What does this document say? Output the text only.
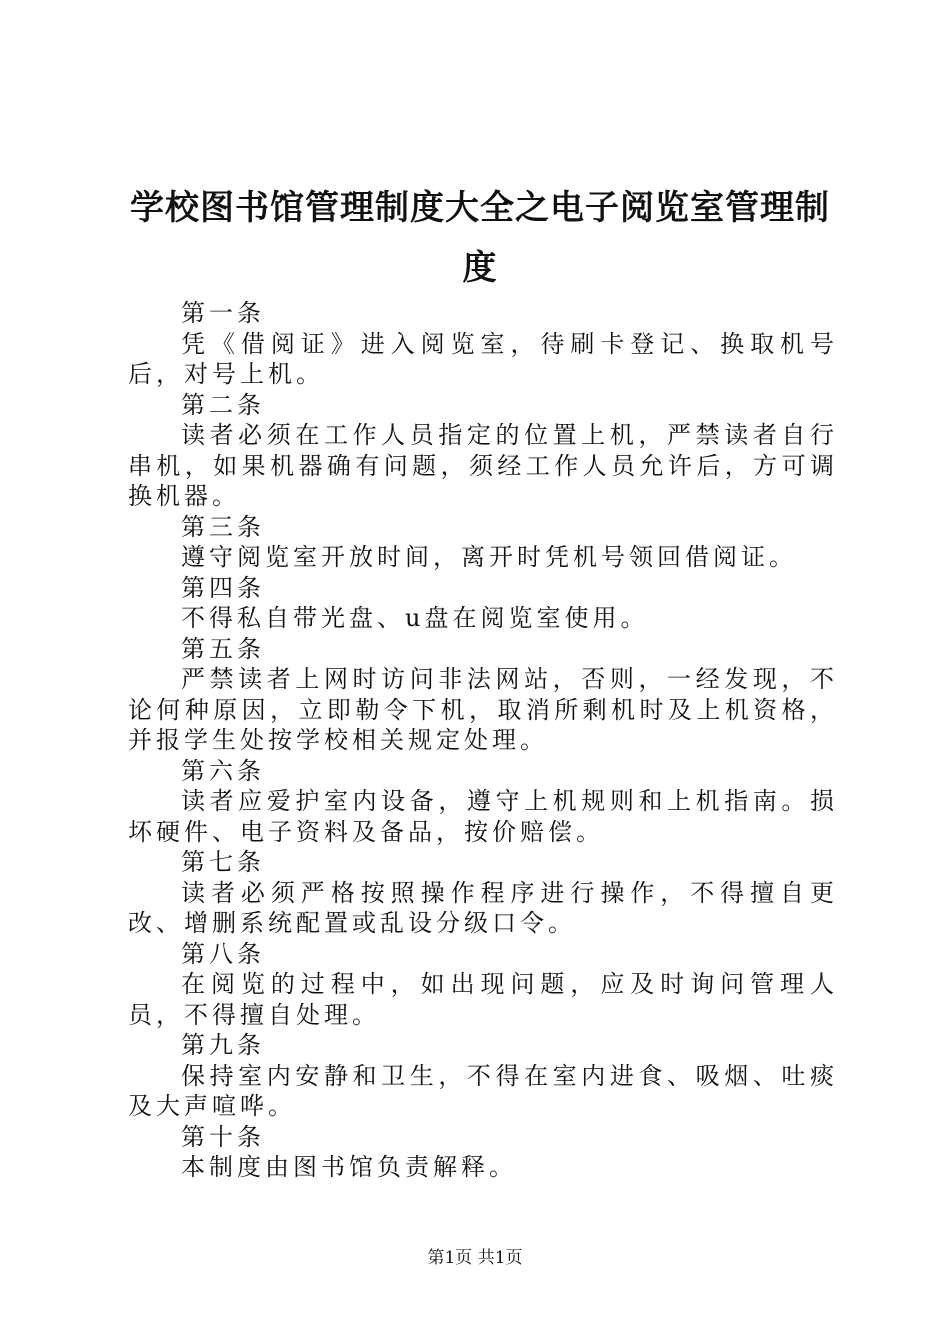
学校图书馆管理制度大全之电子阅览室管理制度

第一条

凭《借阅证》进入阅览室，待刷卡登记、换取机号后，对号上机。

第二条

读者必须在工作人员指定的位置上机，严禁读者自行串机，如果机器确有问题，须经工作人员允许后，方可调换机器。

第三条

遵守阅览室开放时间，离开时凭机号领回借阅证。

第四条

不得私自带光盘、u盘在阅览室使用。

第五条

严禁读者上网时访问非法网站，否则，一经发现，不论何种原因，立即勒令下机，取消所剩机时及上机资格，并报学生处按学校相关规定处理。

第六条

读者应爱护室内设备，遵守上机规则和上机指南。损坏硬件、电子资料及备品，按价赔偿。

第七条

读者必须严格按照操作程序进行操作，不得擅自更改、增删系统配置或乱设分级口令。

第八条

在阅览的过程中，如出现问题，应及时询问管理人员，不得擅自处理。

第九条

保持室内安静和卫生，不得在室内进食、吸烟、吐痰及大声喧哗。

第十条

本制度由图书馆负责解释。

第1页 共1页
